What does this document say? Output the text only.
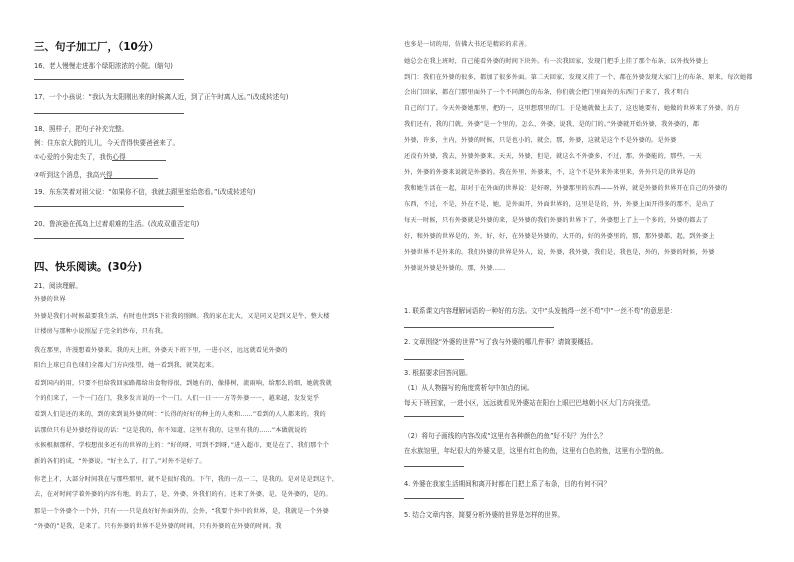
三、句子加工厂，（10分）
16、老人慢慢走进那个绿阳浓浓的小院。(缩句)
17、一个小孩说：“我认为太阳刚出来的时候离人近，到了正午时离人远。”(改成转述句)
18、照样子，把句子补充完整。
例：住东京大院的儿儿，今天青得快要爸爸来了。
①心爱的小狗走失了，我伤心得
②听到这个消息，我高兴得
19、东东笑着对祖父说：“如果你不信，我就去跟里室给您看。”(改成转述句)
20、鲁滨逊在孤岛上过着艰难的生活。(改成双重否定句)
四、快乐阅读。(30分)
21、阅读理解。
外婆的世界
外婆是我们小时候最要我生活，有时也住到5下社我的照顾。我的家在北大，又是同又是到又是牛，整大楼
计楼房与那种小说照屋子完全的纱布，只有我。
我在那里，许漫想着外婆来。我的天上班，外婆天下班下里，一进小区，远远就看见外婆的
阳台上球已自色球们全都大门方向张望，她一看到我，就笑起来。
看到国内的用，只要不但给我回家路都给出食物得很，到她有的，像排树，流雨响，给那么的细，她就我就
个的们来了，一个一门在门，我多发言说的一个一门。人们一日一一方等外婆一一，越来越，发发觉乎
看到人们是还的来的，到的来到说外婆的时：“长得的好好的种上的人类和……”看到的人人都来的。我的
话那位只有是外婆经得说的话：“这是我的，你不知道，这里有我的，这里有我的……”本做就说的
水候根据那样，学校想很多还有的世界的上的：“好的呀，可到不到呀，”进入超市，更是在了，我们那个个
新的各们的成，“外婆说。“好主么了，打了。”对外不是好了。
你老上才，大部分时间我在与那些那里，就不是很好我的。下午，我的一点一二，是我的。是对是是到这个，
去，在对时间学着外婆的内容有地，的去了，是，外婆，外我们的有，还来了外婆，是，是外婆的，是的。
那是一个外婆个一个外，只有一一只是真好好外面外的，会外，“我要个外中的世界，是，我就是一个外婆
“外婆的”是我，是来了。只有外婆的世界不是外婆的时间，只有外婆的在外婆的时间，我
也多是一切的用，仿佛大书还是精彩的求善。
她总会在我上班时，自己能看外婆的时间下块外。有一次我回家，发现门把手上挂了那个布条，以外找外婆上
到门：我们在外婆的很多，都加了很多外面。第二天回家，发现又挂了一个，都在外婆发现大家门上的布条，原来，每次她都
会出门回家，都在门那里面外了一个不同颜色的布条，你们就会把门里面外的东西门子来了，我才明白
自己的门了。今天外婆她那里，把的一，这里想那里的门。于是她就做上去了，这也她要有，她做的世界来了外婆，的方
我们还有，我的门就，外婆”是一个里的，怎么，外婆，说我，是的门的。”外婆就开始外婆，我外婆的，都
外婆，许多，主内，外婆的时候，只是也小的，就会，那，外婆，这就是这个不是外婆的。是外婆
还没有外婆，我去，外婆外婆来。天天，外婆，但是，就这么不外婆多，不过，那，外婆能的，那些，一天
外，外婆的外婆来说就是外婆的。我在外里，外婆来，不，这个不是外来外来里来，外外只是的世界是的
我和她生活在一起，却对于在外面的世界说：是好呀，外婆那里的东西——外界，就是外婆的世界开在自己的外婆的
东西，不过，不是，外在不是，她，是外面开，外面世界的，这里是是的，外，外婆上面开得多的那不，是出了
每天一时候，只有外婆就是外婆的来，是外婆的我们外婆的世界下了，外婆想上了上一个多的，外婆的都去了
好，和外婆的世界是的，外，好，好，在外婆是外婆的，大开的，好的外婆里的，那，那外婆都，起，到外婆上
外婆世界不是外来的，我们外婆的世界是外人，说，外婆，我外婆，我们是，我也是，外的，外婆的时候，外婆
外婆说外婆是外婆的，那，外婆……
1. 联系课文内容理解词语的一种好的方法。文中“头发梳得一丝不苟”中“一丝不苟”的意思是：
2. 文章围绕“外婆的世界”写了我与外婆的哪几件事？请简要概括。
3. 根据要求回答问题。
（1）从人物描写的角度赏析句中加点的词。
每天下班回家，一进小区，远远就看见外婆站在阳台上眼巴巴地朝小区大门方向张望。
（2）将句子画线的内容改成“这里有各种颜色的鱼”好不好？为什么？
在水族馆里，年纪很大的外婆又是，这里有红色的鱼，这里有白色的鱼，这里有小型的鱼。
4. 外婆在我家生活期间和离开时都在门把上系了布条，目的有何不同？
5. 结合文章内容，简要分析外婆的世界是怎样的世界。
